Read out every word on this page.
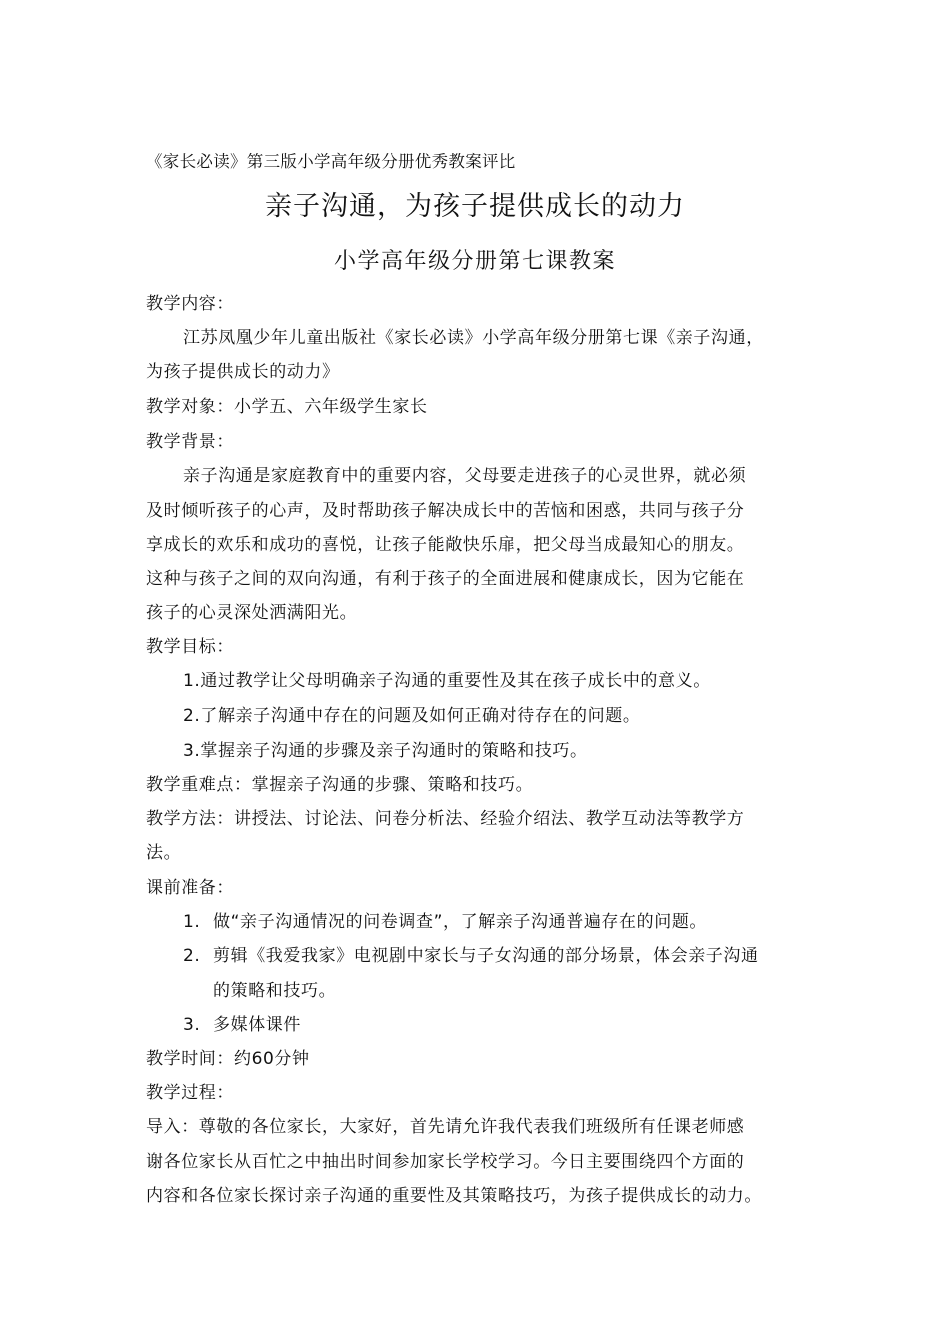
《家长必读》第三版小学高年级分册优秀教案评比
亲子沟通，为孩子提供成长的动力
小学高年级分册第七课教案
教学内容：
江苏凤凰少年儿童出版社《家长必读》小学高年级分册第七课《亲子沟通，
为孩子提供成长的动力》
教学对象：小学五、六年级学生家长
教学背景：
亲子沟通是家庭教育中的重要内容，父母要走进孩子的心灵世界，就必须
及时倾听孩子的心声，及时帮助孩子解决成长中的苦恼和困惑，共同与孩子分
享成长的欢乐和成功的喜悦，让孩子能敞快乐扉，把父母当成最知心的朋友。
这种与孩子之间的双向沟通，有利于孩子的全面进展和健康成长，因为它能在
孩子的心灵深处洒满阳光。
教学目标：
1.通过教学让父母明确亲子沟通的重要性及其在孩子成长中的意义。
2.了解亲子沟通中存在的问题及如何正确对待存在的问题。
3.掌握亲子沟通的步骤及亲子沟通时的策略和技巧。
教学重难点：掌握亲子沟通的步骤、策略和技巧。
教学方法：讲授法、讨论法、问卷分析法、经验介绍法、教学互动法等教学方
法。
课前准备：
1. 做“亲子沟通情况的问卷调查”，了解亲子沟通普遍存在的问题。
2. 剪辑《我爱我家》电视剧中家长与子女沟通的部分场景，体会亲子沟通
的策略和技巧。
3. 多媒体课件
教学时间：约60分钟
教学过程：
导入：尊敬的各位家长，大家好，首先请允许我代表我们班级所有任课老师感
谢各位家长从百忙之中抽出时间参加家长学校学习。今日主要围绕四个方面的
内容和各位家长探讨亲子沟通的重要性及其策略技巧，为孩子提供成长的动力。
